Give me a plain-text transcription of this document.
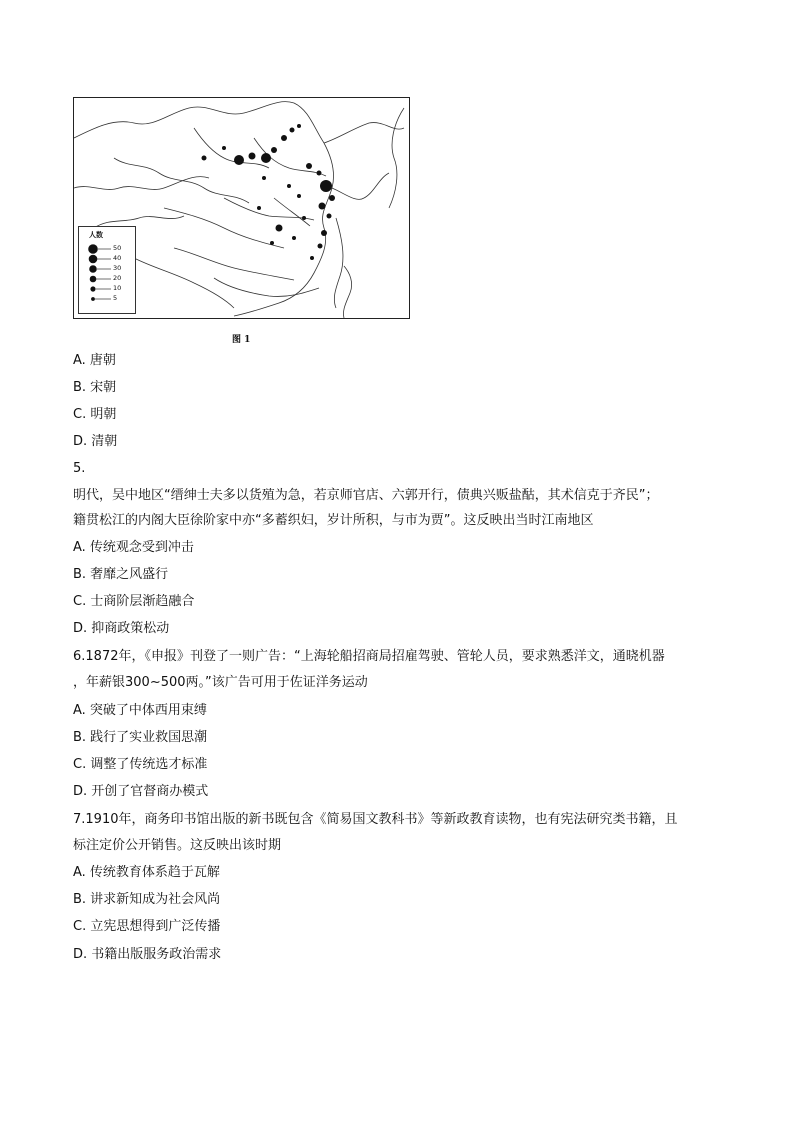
人数
50
40
30
20
10
5
图 1
A. 唐朝
B. 宋朝
C. 明朝
D. 清朝
5.
明代，吴中地区“缙绅士夫多以货殖为急，若京师官店、六郭开行，债典兴贩盐酤，其术信克于齐民”；
籍贯松江的内阁大臣徐阶家中亦“多蓄织妇，岁计所积，与市为贾”。这反映出当时江南地区
A. 传统观念受到冲击
B. 奢靡之风盛行
C. 士商阶层渐趋融合
D. 抑商政策松动
6.1872年，《申报》刊登了一则广告：“上海轮船招商局招雇驾驶、管轮人员，要求熟悉洋文，通晓机器
，年薪银300~500两。”该广告可用于佐证洋务运动
A. 突破了中体西用束缚
B. 践行了实业救国思潮
C. 调整了传统选才标准
D. 开创了官督商办模式
7.1910年，商务印书馆出版的新书既包含《简易国文教科书》等新政教育读物，也有宪法研究类书籍，且
标注定价公开销售。这反映出该时期
A. 传统教育体系趋于瓦解
B. 讲求新知成为社会风尚
C. 立宪思想得到广泛传播
D. 书籍出版服务政治需求
